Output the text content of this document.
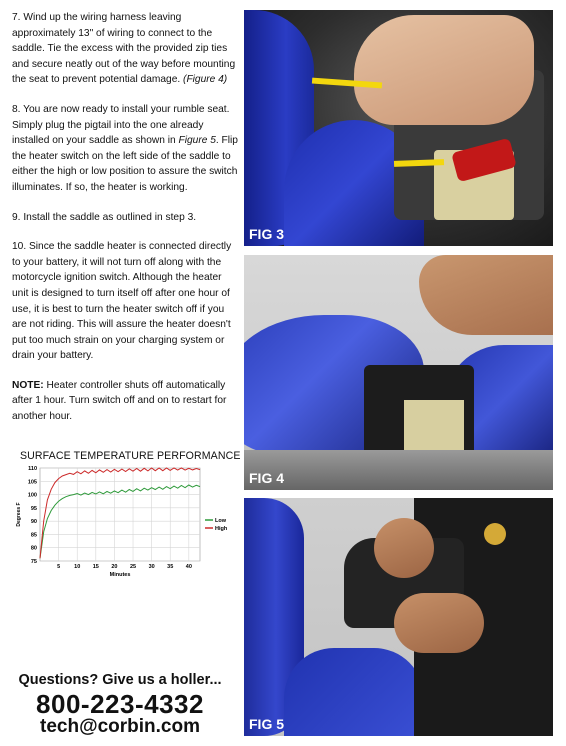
7. Wind up the wiring harness leaving approximately 13" of wiring to connect to the saddle. Tie the excess with the provided zip ties and secure neatly out of the way before mounting the seat to prevent potential damage. (Figure 4)

8. You are now ready to install your rumble seat. Simply plug the pigtail into the one already installed on your saddle as shown in Figure 5. Flip the heater switch on the left side of the saddle to either the high or low position to assure the switch illuminates. If so, the heater is working.

9. Install the saddle as outlined in step 3.

10. Since the saddle heater is connected directly to your battery, it will not turn off along with the motorcycle ignition switch. Although the heater unit is designed to turn itself off after one hour of use, it is best to turn the heater switch off if you are not riding. This will assure the heater doesn't put too much strain on your charging system or drain your battery.

NOTE: Heater controller shuts off automatically after 1 hour. Turn switch off and on to restart for another hour.

SURFACE TEMPERATURE PERFORMANCE
75
80
85
90
95
100
105
110
5	10 15 20 25 30 35 40
Minutes
Degrees F	Low
High
FIG 3
FIG 4
FIG 5
Questions? Give us a holler...
800-223-4332
tech@corbin.com
